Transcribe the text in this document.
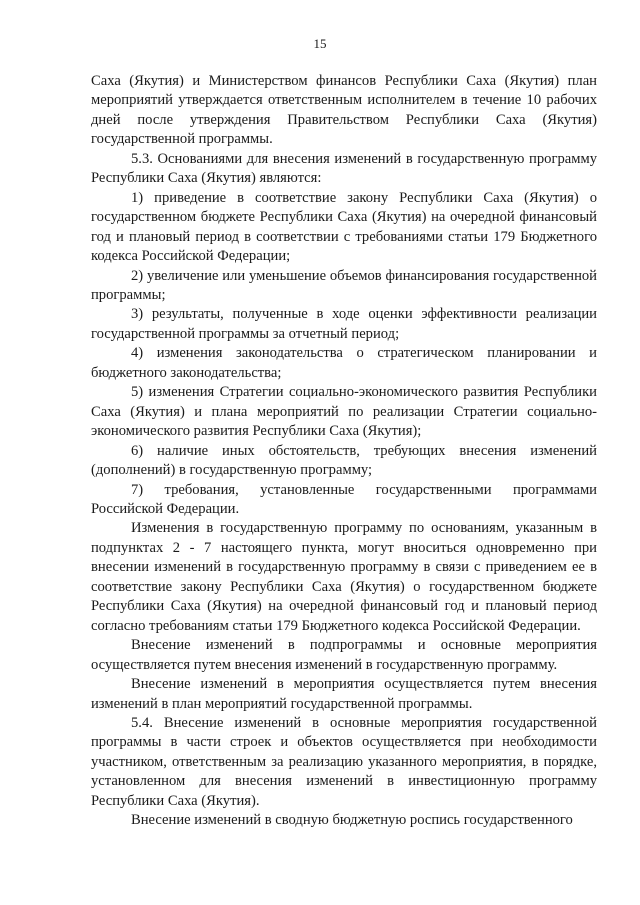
15

Саха (Якутия) и Министерством финансов Республики Саха (Якутия) план мероприятий утверждается ответственным исполнителем в течение 10 рабочих дней после утверждения Правительством Республики Саха (Якутия) государственной программы.

5.3. Основаниями для внесения изменений в государственную программу Республики Саха (Якутия) являются:

1) приведение в соответствие закону Республики Саха (Якутия) о государственном бюджете Республики Саха (Якутия) на очередной финансовый год и плановый период в соответствии с требованиями статьи 179 Бюджетного кодекса Российской Федерации;

2) увеличение или уменьшение объемов финансирования государственной программы;

3) результаты, полученные в ходе оценки эффективности реализации государственной программы за отчетный период;

4) изменения законодательства о стратегическом планировании и бюджетного законодательства;

5) изменения Стратегии социально-экономического развития Республики Саха (Якутия) и плана мероприятий по реализации Стратегии социально-экономического развития Республики Саха (Якутия);

6) наличие иных обстоятельств, требующих внесения изменений (дополнений) в государственную программу;

7) требования, установленные государственными программами Российской Федерации.

Изменения в государственную программу по основаниям, указанным в подпунктах 2 - 7 настоящего пункта, могут вноситься одновременно при внесении изменений в государственную программу в связи с приведением ее в соответствие закону Республики Саха (Якутия) о государственном бюджете Республики Саха (Якутия) на очередной финансовый год и плановый период согласно требованиям статьи 179 Бюджетного кодекса Российской Федерации.

Внесение изменений в подпрограммы и основные мероприятия осуществляется путем внесения изменений в государственную программу.

Внесение изменений в мероприятия осуществляется путем внесения изменений в план мероприятий государственной программы.

5.4. Внесение изменений в основные мероприятия государственной программы в части строек и объектов осуществляется при необходимости участником, ответственным за реализацию указанного мероприятия, в порядке, установленном для внесения изменений в инвестиционную программу Республики Саха (Якутия).

Внесение изменений в сводную бюджетную роспись государственного
